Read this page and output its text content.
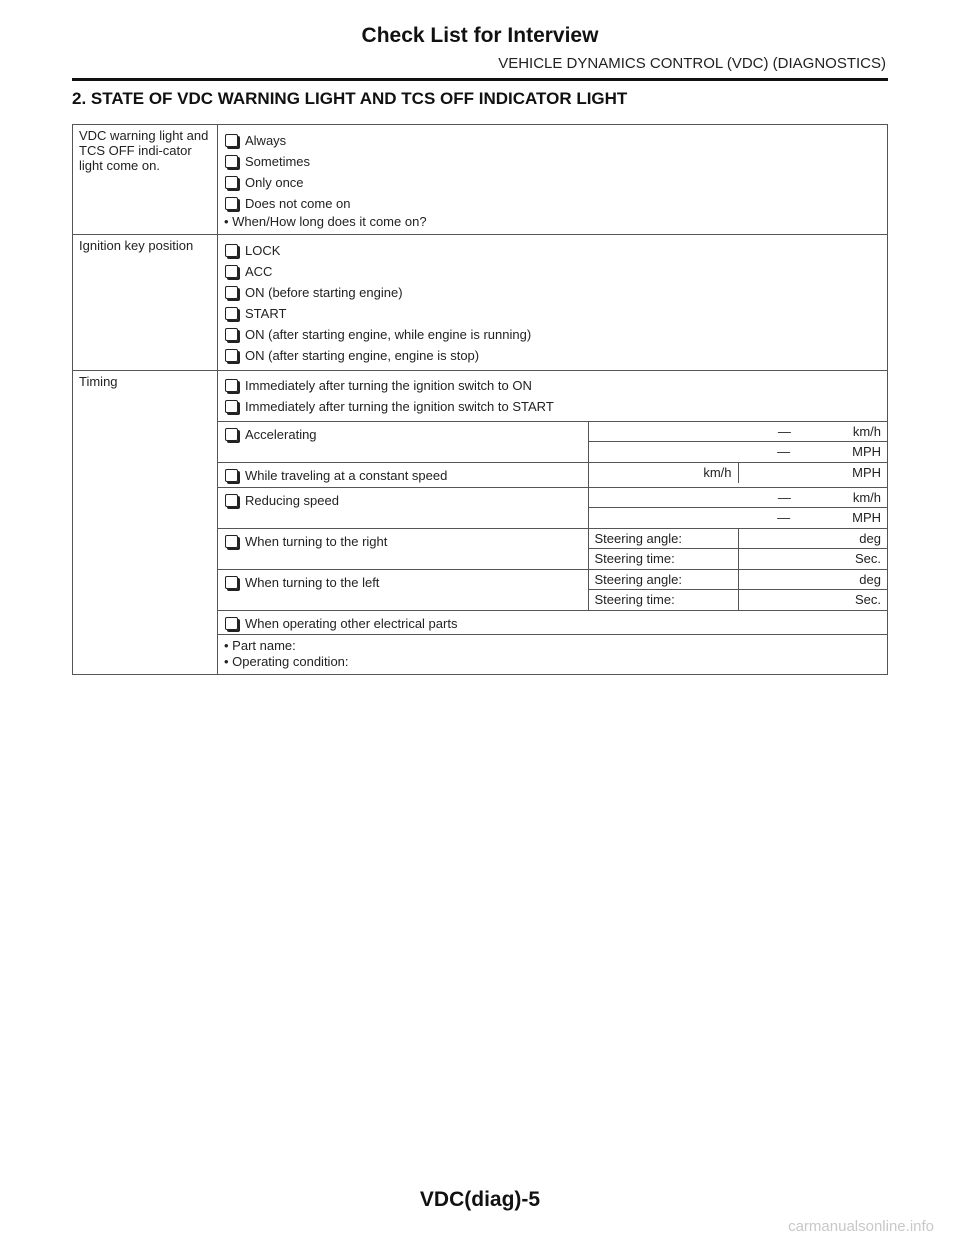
Check List for Interview
VEHICLE DYNAMICS CONTROL (VDC) (DIAGNOSTICS)
2. STATE OF VDC WARNING LIGHT AND TCS OFF INDICATOR LIGHT
VDC warning light and TCS OFF indi-cator light come on.	
Always
Sometimes
Only once
Does not come on
• When/How long does it come on?

Ignition key position	LOCK
ACC
ON (before starting engine)
START
ON (after starting engine, while engine is running)
ON (after starting engine, engine is stop)

Timing		Immediately after turning the ignition switch to ON
Immediately after turning the ignition switch to START

Accelerating	—	km/h
—	MPH

While traveling at a constant speed	km/h	MPH

Reducing speed	—	km/h
—	MPH

When turning to the right	Steering angle:	deg
Steering time:	Sec.

When turning to the left	Steering angle:	deg
Steering time:	Sec.

When operating other electrical parts

• Part name:
• Operating condition:
VDC(diag)-5
carmanualsonline.info
